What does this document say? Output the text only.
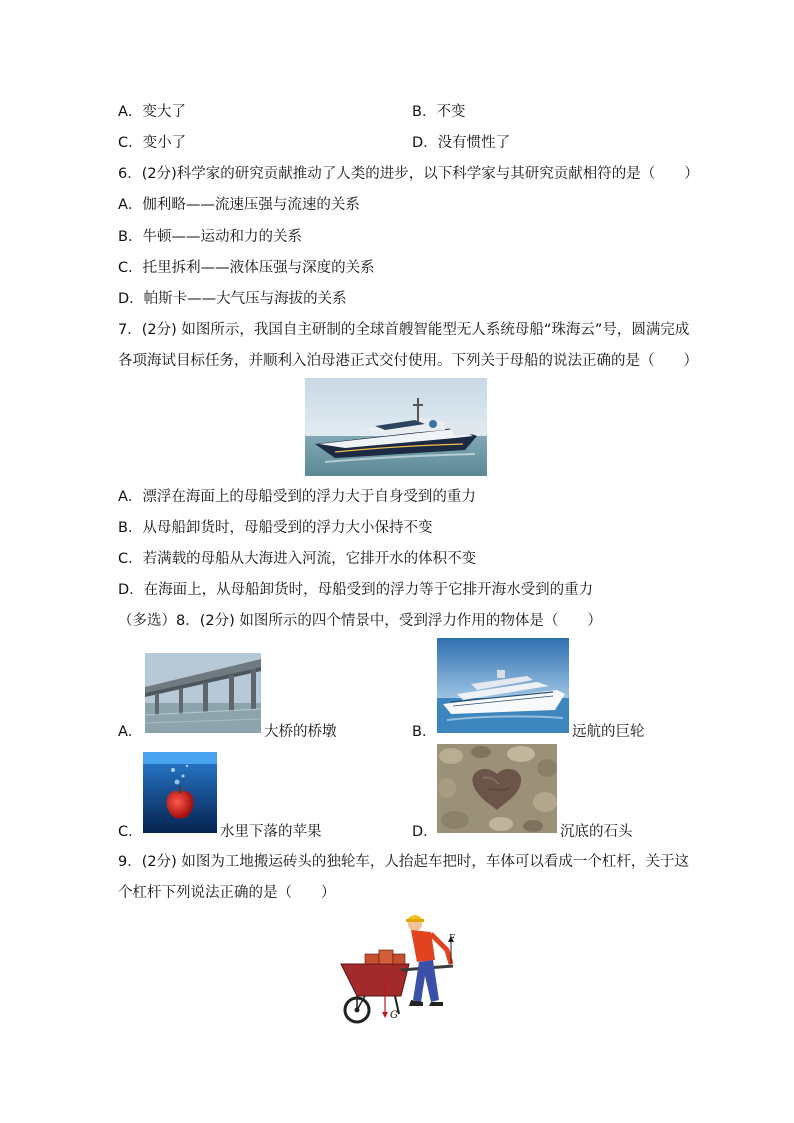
A．变大了	B．不变
C．变小了	D．没有惯性了
6．(2分)科学家的研究贡献推动了人类的进步，以下科学家与其研究贡献相符的是（　　）
A．伽利略——流速压强与流速的关系
B．牛顿——运动和力的关系
C．托里拆利——液体压强与深度的关系
D．帕斯卡——大气压与海拔的关系
7．(2分) 如图所示，我国自主研制的全球首艘智能型无人系统母船“珠海云”号，圆满完成
各项海试目标任务，并顺利入泊母港正式交付使用。下列关于母船的说法正确的是（　　）
A．漂浮在海面上的母船受到的浮力大于自身受到的重力
B．从母船卸货时，母船受到的浮力大小保持不变
C．若满载的母船从大海进入河流，它排开水的体积不变
D．在海面上，从母船卸货时，母船受到的浮力等于它排开海水受到的重力
（多选）8．(2分) 如图所示的四个情景中，受到浮力作用的物体是（　　）
A．	大桥的桥墩	B．	远航的巨轮
C．	水里下落的苹果	D．	沉底的石头
9．(2分) 如图为工地搬运砖头的独轮车，人抬起车把时，车体可以看成一个杠杆，关于这
个杠杆下列说法正确的是（　　）
F
G
